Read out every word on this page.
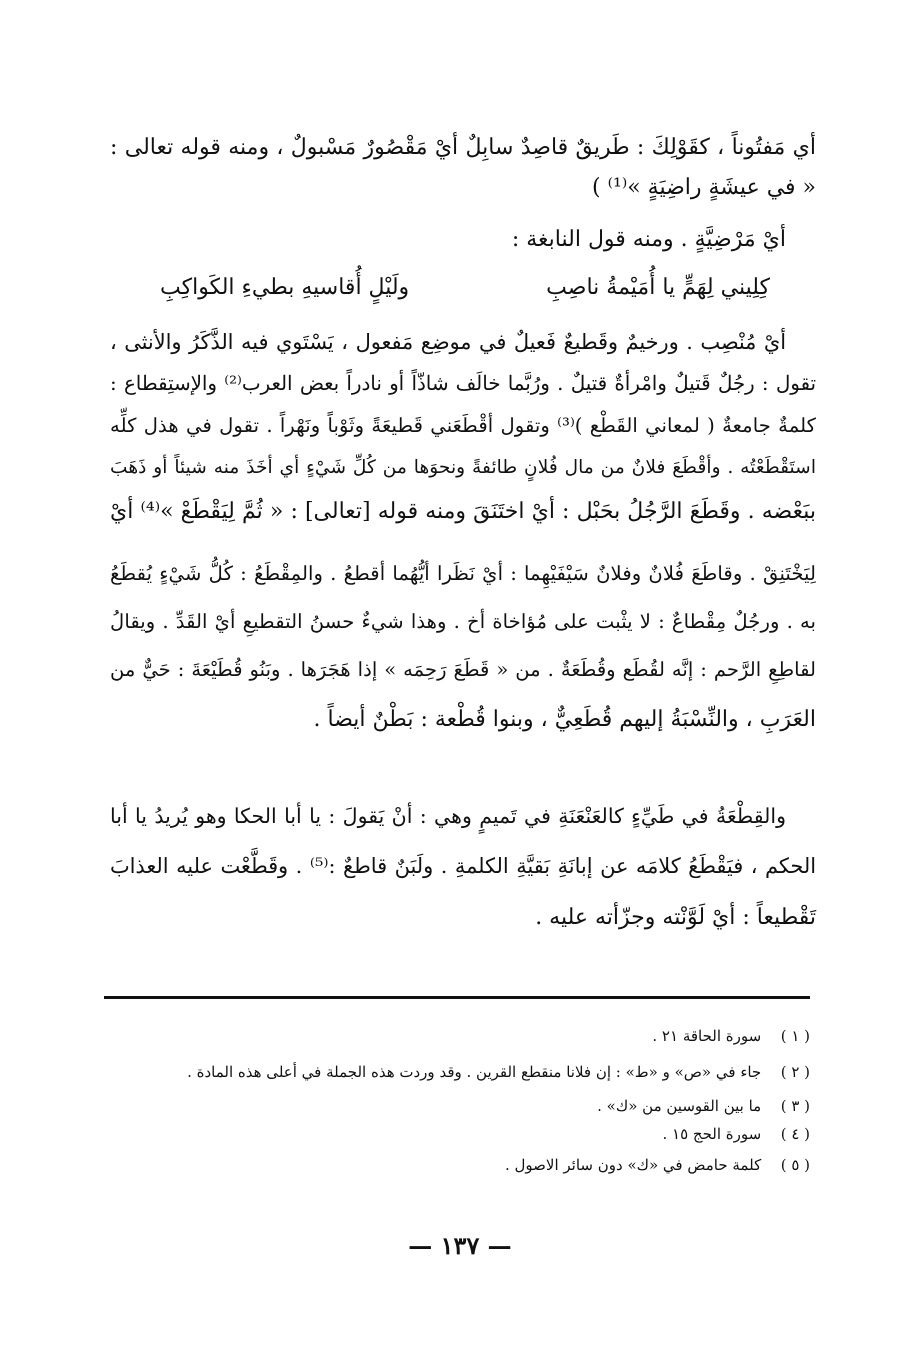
أي مَفتُوناً ، كقَوْلِكَ : طَريقٌ قاصِدٌ سابِلٌ أيْ مَقْصُورٌ مَسْبولٌ ، ومنه قوله تعالى :
« في عيشَةٍ راضِيَةٍ »⁽¹⁾ )
أيْ مَرْضِيَّةٍ . ومنه قول النابغة :
كِلِيني لِهَمٍّ يا أُمَيْمةُ ناصِبِ
ولَيْلٍ أُقاسيهِ بطيءِ الكَواكِبِ
أيْ مُنْصِب . ورخيمٌ وقَطيعٌ فَعيلٌ في موضِع مَفعول ، يَسْتَوي فيه الذَّكَرُ والأنثى ،
تقول : رجُلٌ قَتيلٌ وامْرأةٌ قتيلٌ . ورُبَّما خالَف شاذّاً أو نادراً بعض العرب⁽²⁾ والإستِقطاع :
كلمةٌ جامعةٌ ( لمعاني القَطْع )⁽³⁾ وتقول أقْطَعَني قَطيعَةً وثَوْباً ونَهْراً . تقول في هذل كلِّه
استَقْطَعْتُه . وأقْطَعَ فلانٌ من مال فُلانٍ طائفةً ونحوَها من كُلِّ شَيْءٍ أي أخَذَ منه شيئاً أو ذَهَبَ
ببَعْضه . وقَطَعَ الرَّجُلُ بحَبْل : أيْ اختَنَقَ ومنه قوله [تعالى] : « ثُمَّ لِيَقْطَعْ »⁽⁴⁾ أيْ
لِيَخْتَنِقْ . وقاطَعَ فُلانٌ وفلانٌ سَيْفَيْهِما : أيْ نَظَرا أيُّهُما أقطعُ . والمِقْطَعُ : كُلُّ شَيْءٍ يُقطَعُ
به . ورجُلٌ مِقْطاعٌ : لا يثْبت على مُؤاخاة أخ . وهذا شيءٌ حسنُ التقطيعِ أيْ القَدِّ . ويقالُ
لقاطِعِ الرَّحم : إنَّه لقُطَع وقُطَعَةٌ . من « قَطَعَ رَحِمَه » إذا هَجَرَها . وبَنُو قُطَيْعَةَ : حَيٌّ من
العَرَبِ ، والنِّسْبَةُ إليهم قُطَعِيٌّ ، وبنوا قُطْعة : بَطْنٌ أيضاً .
والقِطْعَةُ في طَيِّءٍ كالعَنْعَنَةِ في تَميمٍ وهي : أنْ يَقولَ : يا أبا الحكا وهو يُريدُ يا أبا
الحكم ، فيَقْطَعُ كلامَه عن إبانَةِ بَقيَّةِ الكلمةِ . ولَبَنٌ قاطعٌ :⁽⁵⁾ . وقَطَّعْت عليه العذابَ
تَقْطيعاً : أيْ لَوَّنْته وجزّأته عليه .
( ١ ) سورة الحاقة ٢١ .
( ٢ ) جاء في «ص» و «ط» : إن فلانا منقطع القرين . وقد وردت هذه الجملة في أعلى هذه المادة .
( ٣ ) ما بين القوسين من «ك» .
( ٤ ) سورة الحج ١٥ .
( ٥ ) كلمة حامض في «ك» دون سائر الاصول .
— ١٣٧ —
